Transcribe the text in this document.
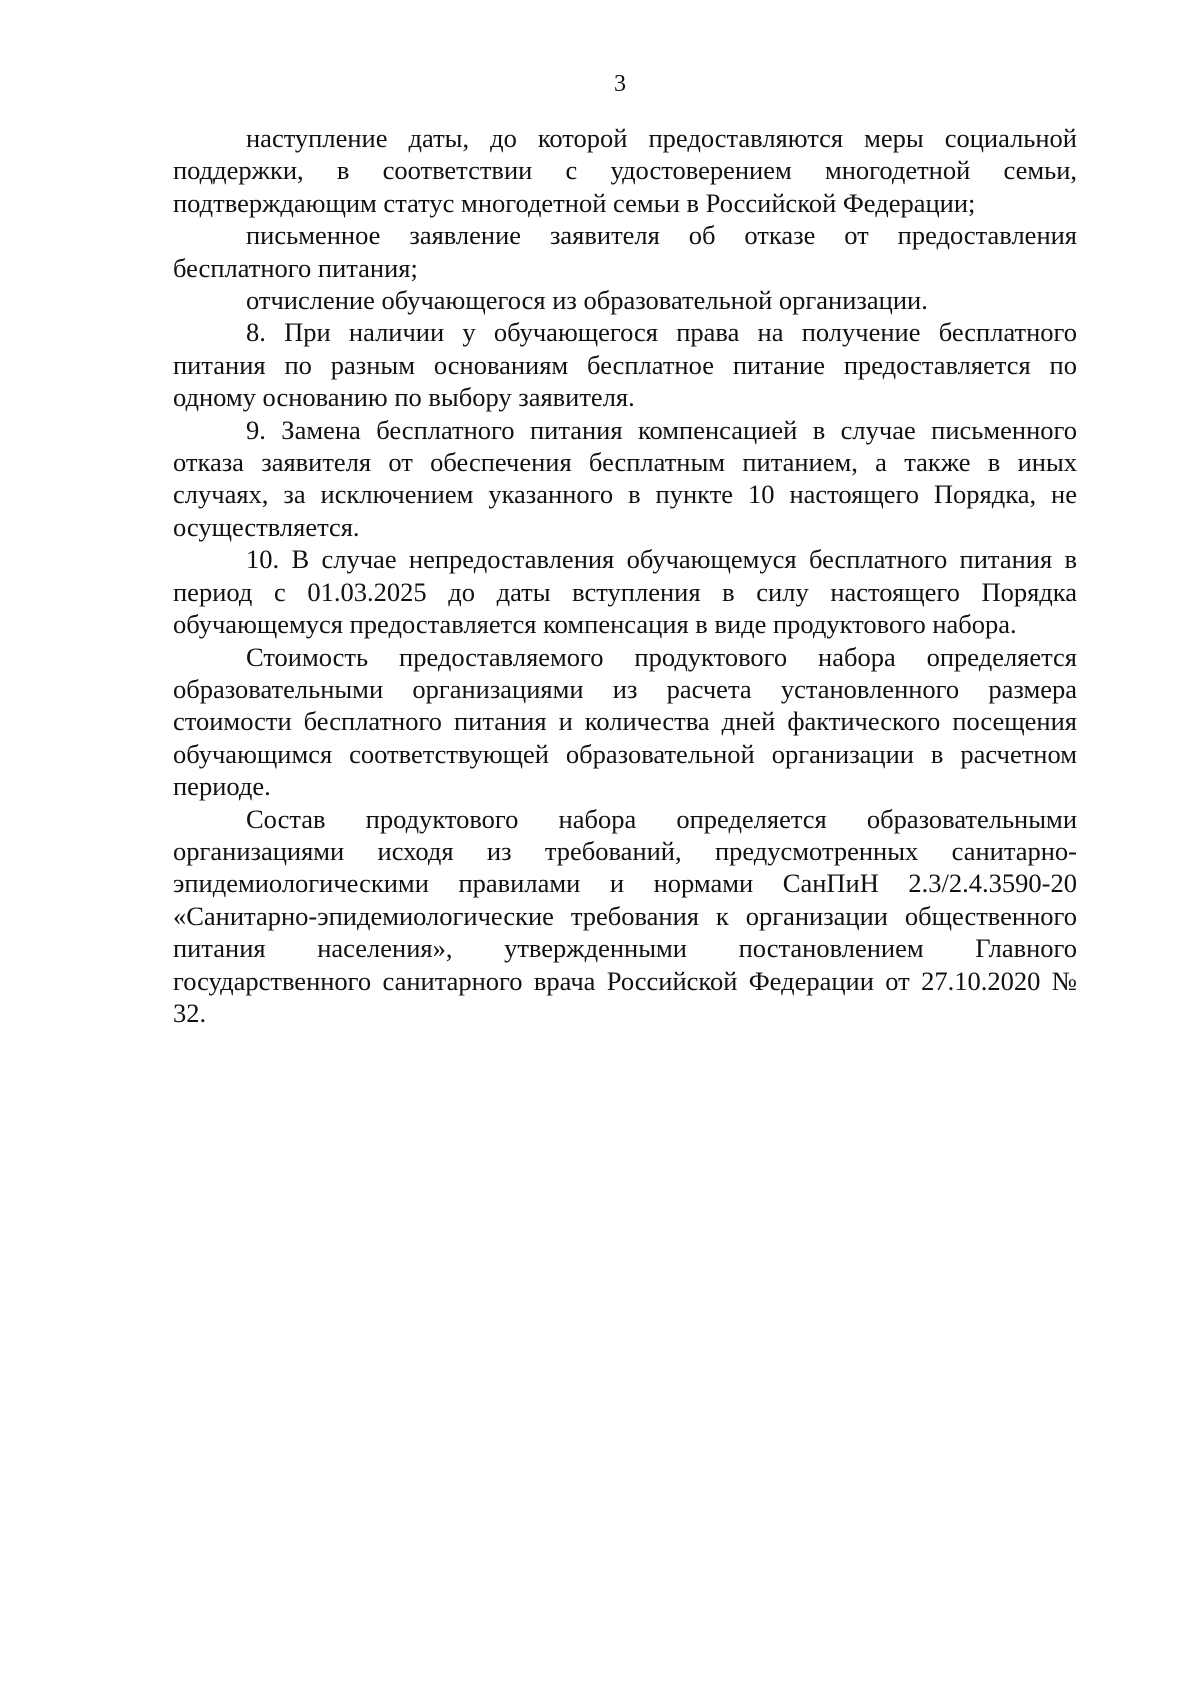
3

наступление даты, до которой предоставляются меры социальной поддержки, в соответствии с удостоверением многодетной семьи, подтверждающим статус многодетной семьи в Российской Федерации;

письменное заявление заявителя об отказе от предоставления бесплатного питания;

отчисление обучающегося из образовательной организации.

8. При наличии у обучающегося права на получение бесплатного питания по разным основаниям бесплатное питание предоставляется по одному основанию по выбору заявителя.

9. Замена бесплатного питания компенсацией в случае письменного отказа заявителя от обеспечения бесплатным питанием, а также в иных случаях, за исключением указанного в пункте 10 настоящего Порядка, не осуществляется.

10. В случае непредоставления обучающемуся бесплатного питания в период с 01.03.2025 до даты вступления в силу настоящего Порядка обучающемуся предоставляется компенсация в виде продуктового набора.

Стоимость предоставляемого продуктового набора определяется образовательными организациями из расчета установленного размера стоимости бесплатного питания и количества дней фактического посещения обучающимся соответствующей образовательной организации в расчетном периоде.

Состав продуктового набора определяется образовательными организациями исходя из требований, предусмотренных санитарно-эпидемиологическими правилами и нормами СанПиН 2.3/2.4.3590-20 «Санитарно-эпидемиологические требования к организации общественного питания населения», утвержденными постановлением Главного государственного санитарного врача Российской Федерации от 27.10.2020 № 32.
